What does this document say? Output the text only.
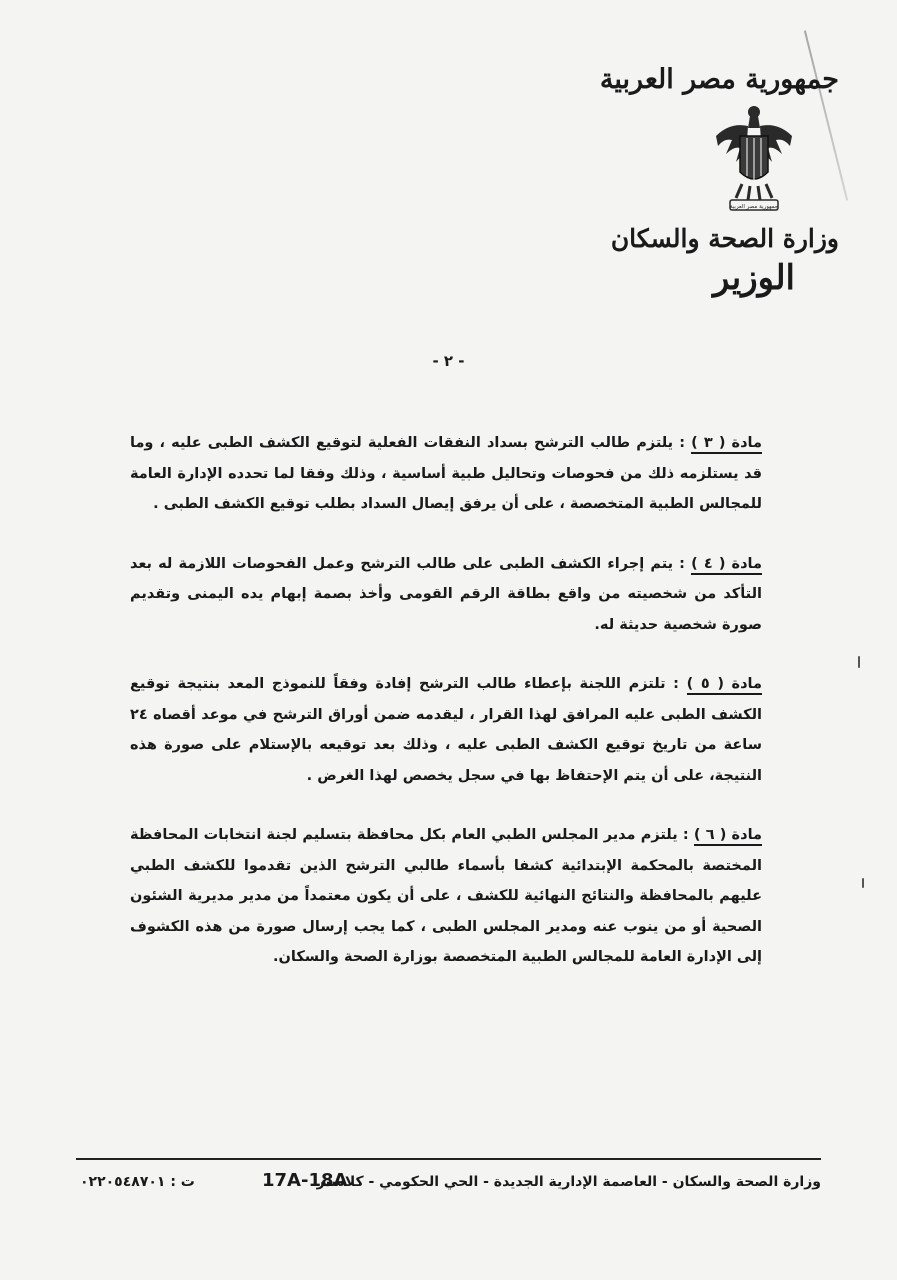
جمهورية مصر العربية
جمهورية مصر العربية
وزارة الصحة والسكان
الوزير
- ٢ -

مادة ( ٣ ) : يلتزم طالب الترشح بسداد النفقات الفعلية لتوقيع الكشف الطبى عليه ، وما قد يستلزمه ذلك من فحوصات وتحاليل طبية أساسية ، وذلك وفقا لما تحدده الإدارة العامة للمجالس الطبية المتخصصة ، على أن يرفق إيصال السداد بطلب توقيع الكشف الطبى .

مادة ( ٤ ) : يتم إجراء الكشف الطبى على طالب الترشح وعمل الفحوصات اللازمة له بعد التأكد من شخصيته من واقع بطاقة الرقم القومى وأخذ بصمة إبهام يده اليمنى وتقديم صورة شخصية حديثة له.

مادة ( ٥ ) : تلتزم اللجنة بإعطاء طالب الترشح إفادة وفقاً للنموذج المعد بنتيجة توقيع الكشف الطبى عليه المرافق لهذا القرار ، ليقدمه ضمن أوراق الترشح في موعد أقصاه ٢٤ ساعة من تاريخ توقيع الكشف الطبى عليه ، وذلك بعد توقيعه بالإستلام على صورة هذه النتيجة، على أن يتم الإحتفاظ بها في سجل يخصص لهذا الغرض .

مادة ( ٦ ) : يلتزم مدير المجلس الطبي العام بكل محافظة بتسليم لجنة انتخابات المحافظة المختصة بالمحكمة الإبتدائية كشفا بأسماء طالبي الترشح الذين تقدموا للكشف الطبي عليهم بالمحافظة والنتائج النهائية للكشف ، على أن يكون معتمداً من مدير مديرية الشئون الصحية أو من ينوب عنه ومدير المجلس الطبى ، كما يجب إرسال صورة من هذه الكشوف إلى الإدارة العامة للمجالس الطبية المتخصصة بوزارة الصحة والسكان.

وزارة الصحة والسكان - العاصمة الإدارية الجديدة - الحي الحكومي - كلاستر
17A-18A
ت : ٠٢٢٠٥٤٨٧٠١
